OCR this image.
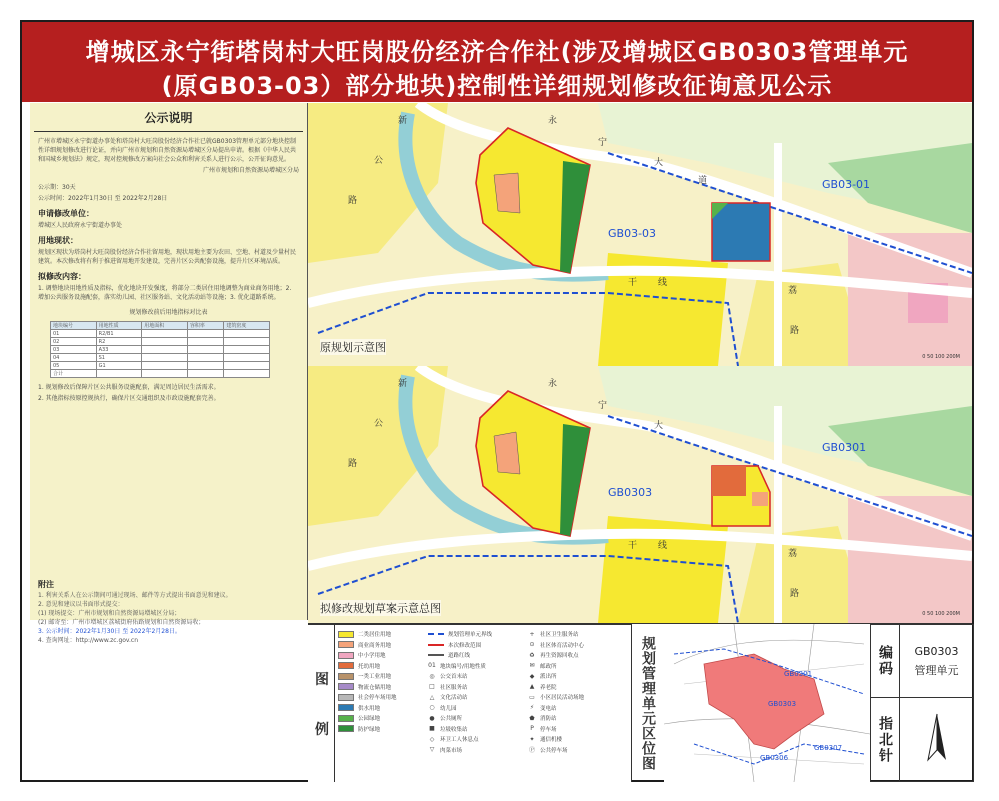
增城区永宁街塔岗村大旺岗股份经济合作社(涉及增城区GB0303管理单元
(原GB03-03）部分地块)控制性详细规划修改征询意见公示
公示说明

广州市增城区永宁街道办事处和塔岗村大旺岗股份经济合作社已就GB0303管理单元部分地块控制性详细规划修改进行论证，并向广州市规划和自然资源局增城区分局提出申请。根据《中华人民共和国城乡规划法》规定，现对控规修改方案向社会公众和利害关系人进行公示，公开征询意见。

广州市规划和自然资源局增城区分局

公示期：30天

公示时间：2022年1月30日 至 2022年2月28日

申请修改单位：

增城区人民政府永宁街道办事处

用地现状：

规划区现状为塔岗村大旺岗股份经济合作社留用地，现状用地主要为农田、空地、村道及少量村民建筑。本次修改将有利于推进留用地开发建设，完善片区公共配套设施，提升片区环境品质。

拟修改内容：

1. 调整地块用地性质及指标，优化地块开发强度，将部分二类居住用地调整为商业商务用地；2. 增加公共服务设施配套，落实幼儿园、社区服务站、文化活动站等设施；3. 优化道路系统。

规划修改前后用地指标对比表

地块编号	用地性质	用地面积	容积率	建筑密度
01	R2/B1			
02	R2			
03	A33			
04	S1			
05	G1			
合计				

1. 规划修改后保障片区公共服务设施配套，满足周边居民生活需求。

2. 其他指标按原控规执行，确保片区交通组织及市政设施配套完善。

附注

1. 利害关系人在公示期间可通过现场、邮件等方式提出书面意见和建议。

2. 意见和建议以书面形式提交：

(1) 现场提交：广州市规划和自然资源局增城区分局；

(2) 邮寄至：广州市增城区荔城街府佑路规划和自然资源局收；

3. 公示时间：2022年1月30日 至 2022年2月28日。

4. 查询网址：http://www.zc.gov.cn

GB03-03
GB03-01
永
宁
大
道
新
公
路
干 线
荔
路
原规划示意图
0 50 100 200M
GB0303
GB0301
永
宁
大
新
公
路
干 线
荔
路
拟修改规划草案示意总图	0 50 100 200M
图
例
二类居住用地
商业商务用地
中小学用地
托幼用地
一类工业用地
物流仓储用地
社会停车场用地
供水用地
公园绿地
防护绿地
规划管理单元界线
本次修改范围
道路红线
01 地块编号/用地性质
◎ 公交首末站
□ 社区服务站
△	文化活动站
○ 幼儿园
● 公共厕所
■ 垃圾收集站
◇	环卫工人休息点
▽	肉菜市场
+ 社区卫生服务站
⊙ 社区体育活动中心
♻ 再生资源回收点
✉ 邮政所
◆	派出所
▲	养老院
▭ 小区居民活动场地
⚡	变电站
⬟ 消防站
P	停车场
✦ 通信机楼
Ⓟ 公共停车场	规划管理单元区位图	GB0301
GB0303
GB0306
GB0307
编码 GB0303
管理单元
指北针
